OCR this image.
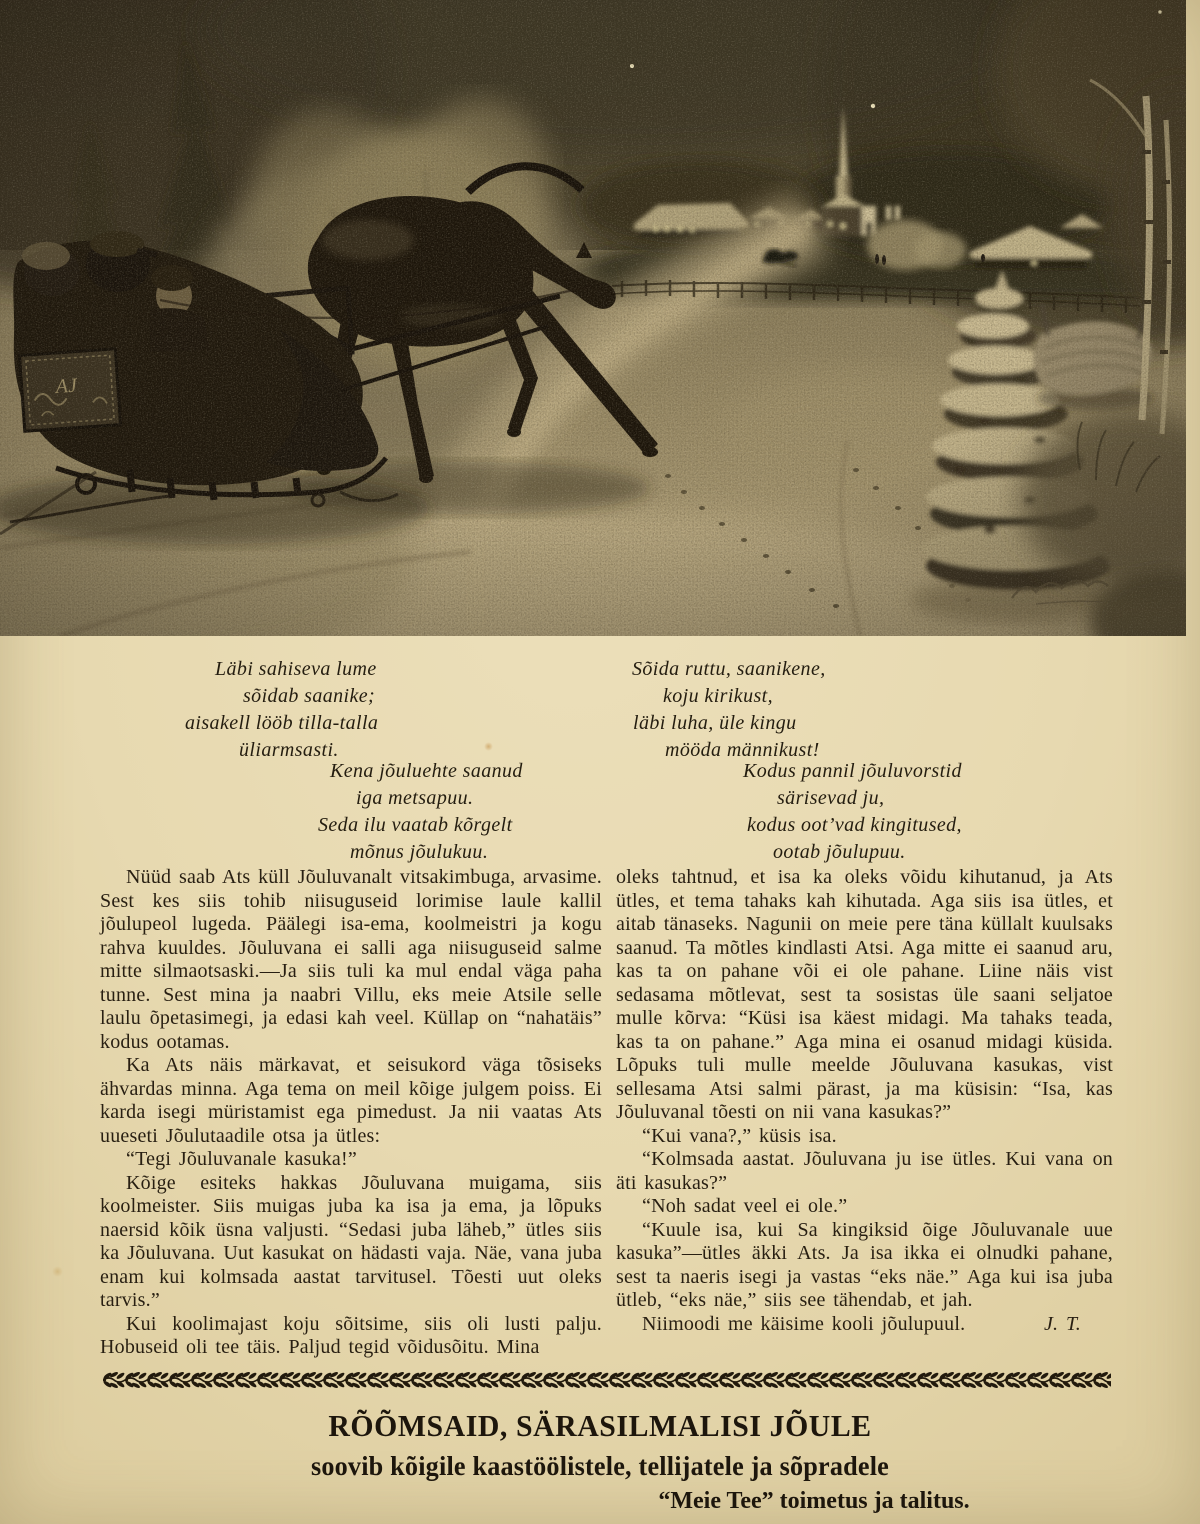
Läbi sahiseva lume
sõidab saanike;
aisakell lööb tilla-talla
üliarmsasti.
Kena jõuluehte saanud
iga metsapuu.
Seda ilu vaatab kõrgelt
mõnus jõulukuu.
Sõida ruttu, saanikene,
koju kirikust,
läbi luha, üle kingu
mööda männikust!
Kodus pannil jõuluvorstid
särisevad ju,
kodus oot’vad kingitused,
ootab jõulupuu.

Nüüd saab Ats küll Jõuluvanalt vitsakimbuga, arvasime. Sest kes siis tohib niisuguseid lorimise laule kallil jõulupeol lugeda. Päälegi isa-ema, koolmeistri ja kogu rahva kuuldes. Jõuluvana ei salli aga niisuguseid salme mitte silmaotsaski.—Ja siis tuli ka mul endal väga paha tunne. Sest mina ja naabri Villu, eks meie Atsile selle laulu õpetasimegi, ja edasi kah veel. Küllap on “nahatäis” kodus ootamas.

Ka Ats näis märkavat, et seisukord väga tõsiseks ähvardas minna. Aga tema on meil kõige julgem poiss. Ei karda isegi müristamist ega pimedust. Ja nii vaatas Ats uueseti Jõulutaadile otsa ja ütles:

“Tegi Jõuluvanale kasuka!”

Kõige esiteks hakkas Jõuluvana muigama, siis koolmeister. Siis muigas juba ka isa ja ema, ja lõpuks naersid kõik üsna valjusti. “Sedasi juba läheb,” ütles siis ka Jõuluvana. Uut kasukat on hädasti vaja. Näe, vana juba enam kui kolmsada aastat tarvitusel. Tõesti uut oleks tarvis.”

Kui koolimajast koju sõitsime, siis oli lusti palju. Hobuseid oli tee täis. Paljud tegid võidusõitu. Mina

oleks tahtnud, et isa ka oleks võidu kihutanud, ja Ats ütles, et tema tahaks kah kihutada. Aga siis isa ütles, et aitab tänaseks. Nagunii on meie pere täna küllalt kuulsaks saanud. Ta mõtles kindlasti Atsi. Aga mitte ei saanud aru, kas ta on pahane või ei ole pahane. Liine näis vist sedasama mõtlevat, sest ta sosistas üle saani seljatoe mulle kõrva: “Küsi isa käest midagi. Ma tahaks teada, kas ta on pahane.” Aga mina ei osanud midagi küsida. Lõpuks tuli mulle meelde Jõuluvana kasukas, vist sellesama Atsi salmi pärast, ja ma küsisin: “Isa, kas Jõuluvanal tõesti on nii vana kasukas?”

“Kui vana?,” küsis isa.

“Kolmsada aastat. Jõuluvana ju ise ütles. Kui vana on äti kasukas?”

“Noh sadat veel ei ole.”

“Kuule isa, kui Sa kingiksid õige Jõuluvanale uue kasuka”—ütles äkki Ats. Ja isa ikka ei olnudki pahane, sest ta naeris isegi ja vastas “eks näe.” Aga kui isa juba ütleb, “eks näe,” siis see tähendab, et jah.

Niimoodi me käisime kooli jõulupuul.	J. T.

RÕÕMSAID, SÄRASILMALISI JÕULE
soovib kõigile kaastöölistele, tellijatele ja sõpradele
“Meie Tee” toimetus ja talitus.
